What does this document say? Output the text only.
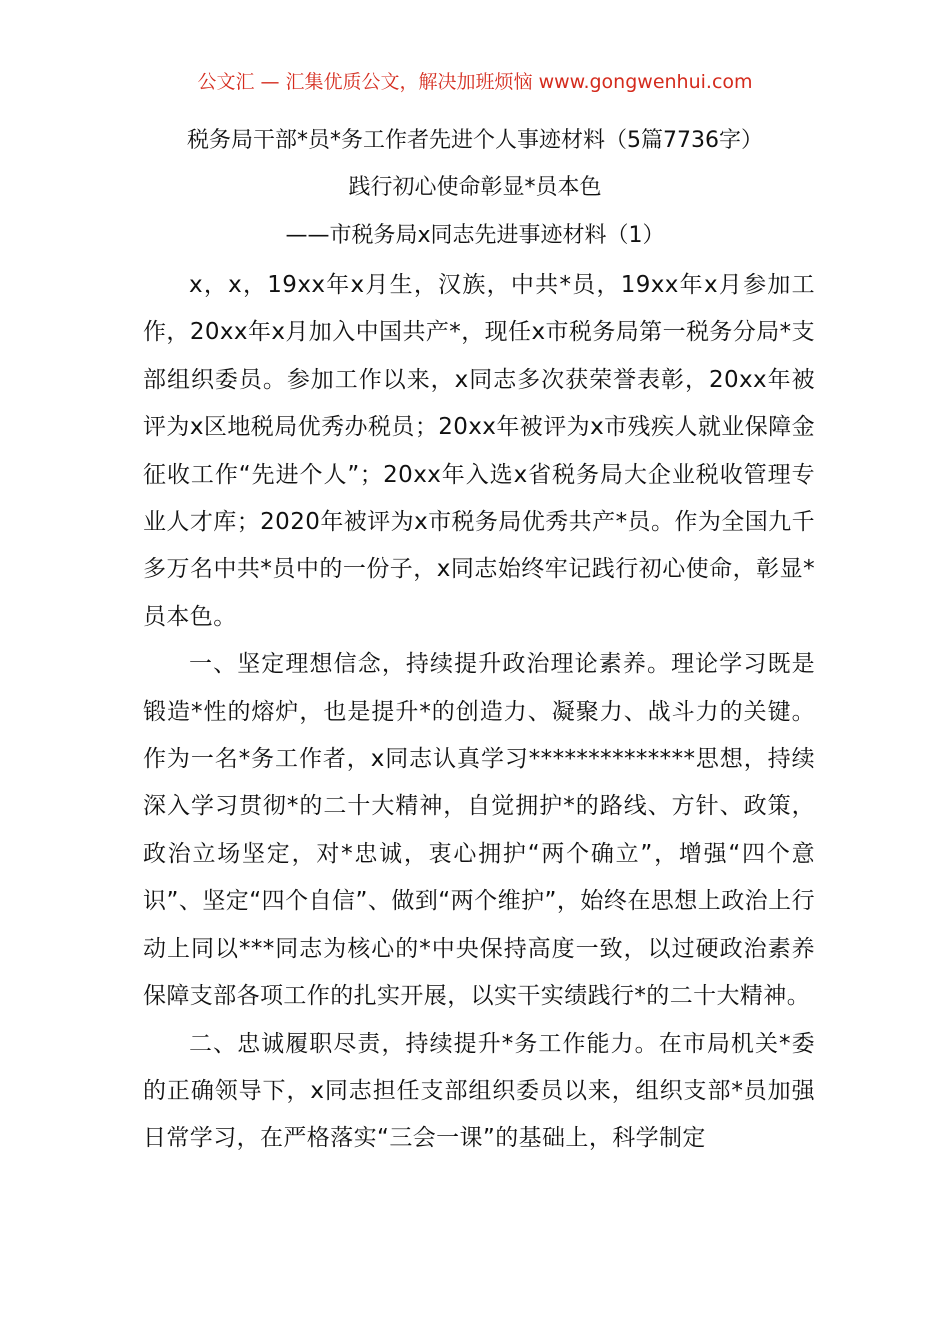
公文汇 — 汇集优质公文，解决加班烦恼 www.gongwenhui.com
税务局干部*员*务工作者先进个人事迹材料（5篇7736字）
践行初心使命彰显*员本色
——市税务局x同志先进事迹材料（1）

x，x，19xx年x月生，汉族，中共*员，19xx年x月参加工作，20xx年x月加入中国共产*，现任x市税务局第一税务分局*支部组织委员。参加工作以来，x同志多次获荣誉表彰，20xx年被评为x区地税局优秀办税员；20xx年被评为x市残疾人就业保障金征收工作“先进个人”；20xx年入选x省税务局大企业税收管理专业人才库；2020年被评为x市税务局优秀共产*员。作为全国九千多万名中共*员中的一份子，x同志始终牢记践行初心使命，彰显*员本色。

一、坚定理想信念，持续提升政治理论素养。理论学习既是锻造*性的熔炉，也是提升*的创造力、凝聚力、战斗力的关键。作为一名*务工作者，x同志认真学习**************思想，持续深入学习贯彻*的二十大精神，自觉拥护*的路线、方针、政策，政治立场坚定，对*忠诚，衷心拥护“两个确立”，增强“四个意识”、坚定“四个自信”、做到“两个维护”，始终在思想上政治上行动上同以***同志为核心的*中央保持高度一致，以过硬政治素养保障支部各项工作的扎实开展，以实干实绩践行*的二十大精神。

二、忠诚履职尽责，持续提升*务工作能力。在市局机关*委的正确领导下，x同志担任支部组织委员以来，组织支部*员加强日常学习，在严格落实“三会一课”的基础上，科学制定
